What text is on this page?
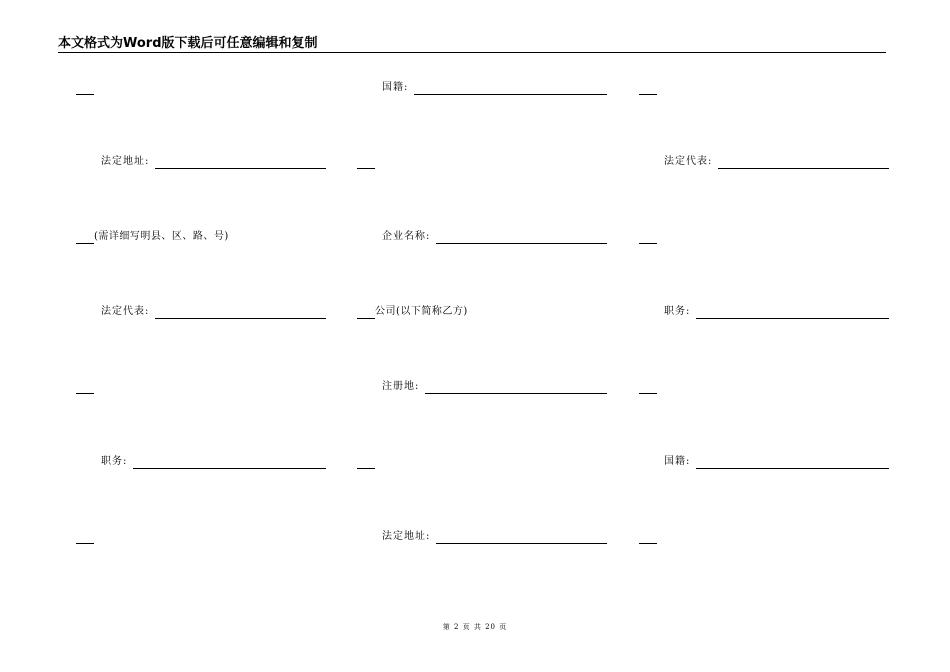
本文格式为Word版下载后可任意编辑和复制
法定地址:
(需详细写明县、区、路、号)
法定代表:
职务:
国籍:
企业名称:
公司(以下简称乙方)
注册地:
法定地址:
法定代表:
职务:
国籍:
第 2 页 共 20 页
